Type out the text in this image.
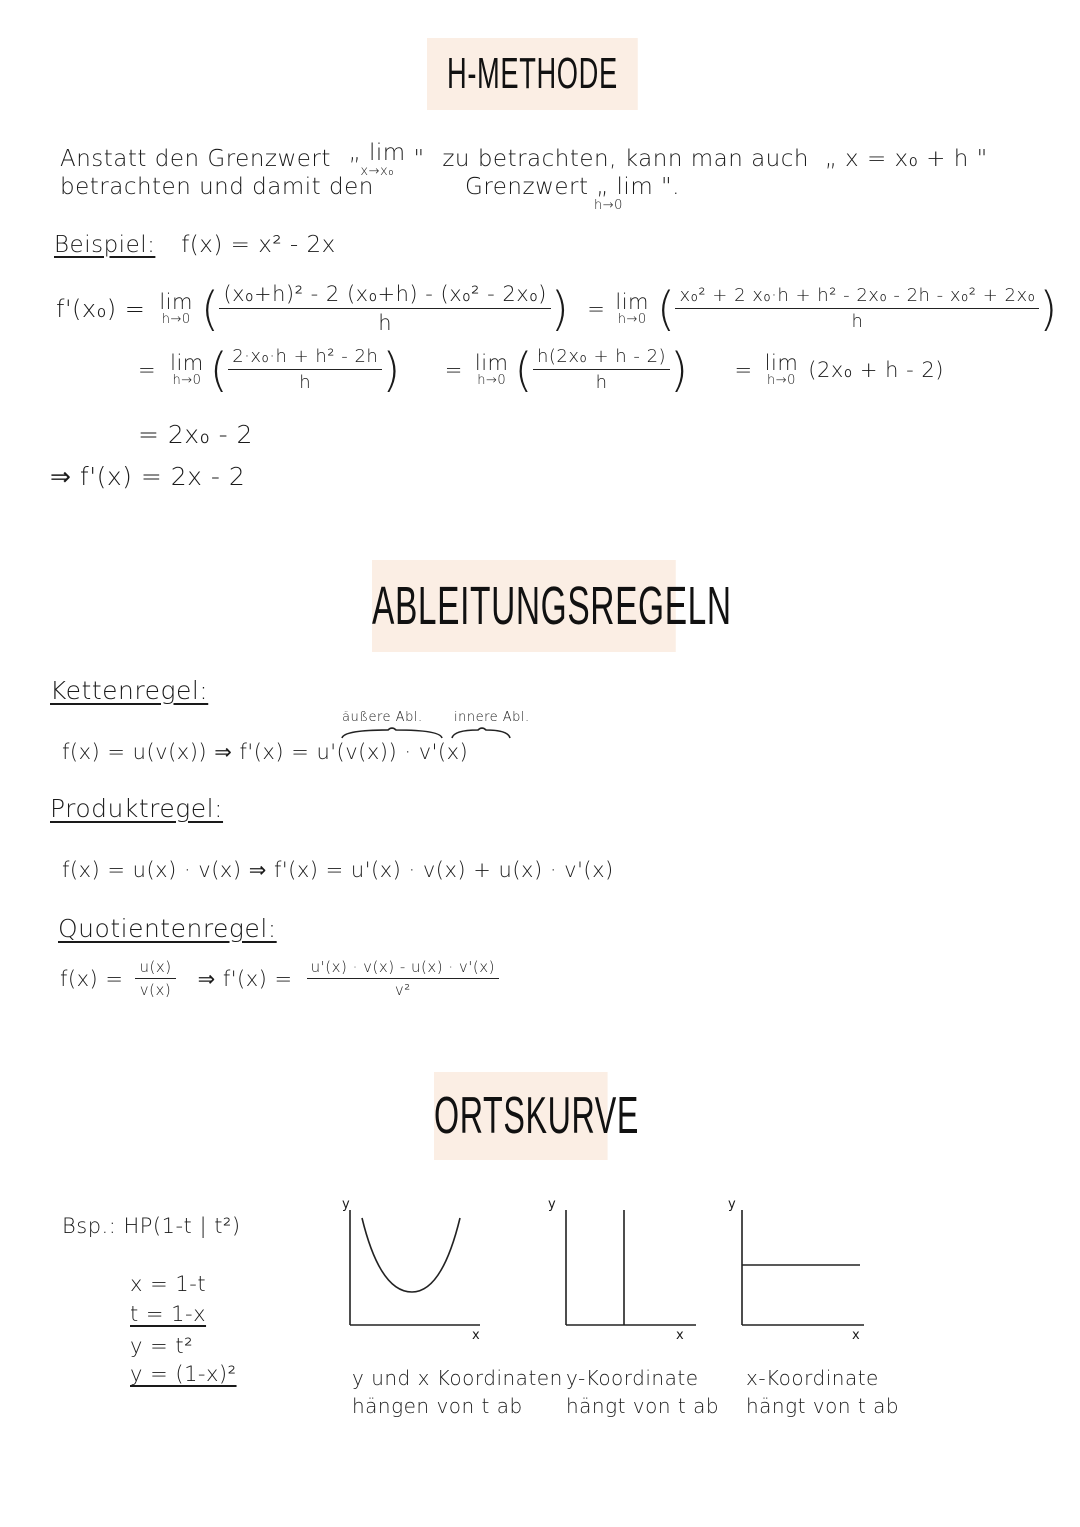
H-METHODE
Anstatt den Grenzwert „ lim
x→x₀ " zu betrachten, kann man auch „ x = x₀ + h "
betrachten und damit den	Grenzwert „ lim ".
h→0
Beispiel: f(x) = x² - 2x
f'(x₀) = lim
h→0 ( $\frac{\text{(x₀+h)² - 2 (x₀+h) - (x₀² - 2x₀)}}{h}$ ) = lim
h→0 ( $\frac{\text{x₀² + 2 x₀·h + h² - 2x₀ - 2h - x₀² + 2x₀}}{h}$ )
= lim
h→0 ( $\frac{\text{2·x₀·h + h² - 2h}}{h}$ ) = lim
h→0 ( $\frac{\text{h(2x₀ + h - 2)}}{h}$ ) = lim
h→0 (2x₀ + h - 2)
= 2x₀ - 2
⇒ f'(x) = 2x - 2
ABLEITUNGSREGELN
Kettenregel:
äußere Abl. innere Abl.
f(x) = u(v(x)) ⇒ f'(x) = u'(v(x)) · v'(x)
Produktregel:
f(x) = u(x) · v(x) ⇒ f'(x) = u'(x) · v(x) + u(x) · v'(x)
Quotientenregel:
$f(x) = \frac{u(x)}{v(x)}$ ⇒ $f'(x) = \frac{u'(x) \cdot v(x) - u(x) \cdot v'(x)}{\text{v²}}$
ORTSKURVE
Bsp.: HP(1-t | t²)
x = 1-t
t = 1-x
y = t²
y = (1-x)²
y
x
y und x Koordinaten
hängen von t ab
y
x
y-Koordinate
hängt von t ab
y
x
x-Koordinate
hängt von t ab
